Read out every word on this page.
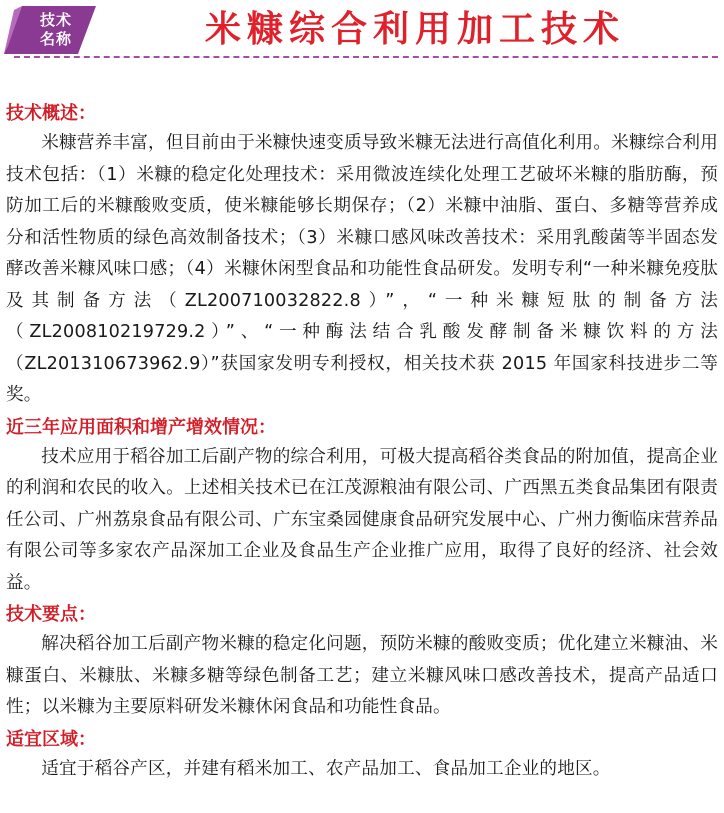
技术
名称	米糠综合利用加工技术
技术概述：
米糠营养丰富，但目前由于米糠快速变质导致米糠无法进行高值化利用。米糠综合利用技术包括：（1）米糠的稳定化处理技术：采用微波连续化处理工艺破坏米糠的脂肪酶，预防加工后的米糠酸败变质，使米糠能够长期保存；（2）米糠中油脂、蛋白、多糖等营养成分和活性物质的绿色高效制备技术；（3）米糠口感风味改善技术：采用乳酸菌等半固态发酵改善米糠风味口感；（4）米糠休闲型食品和功能性食品研发。发明专利“一种米糠免疫肽及其制备方法（ZL200710032822.8）”，“一种米糠短肽的制备方法（ZL200810219729.2）”、“一种酶法结合乳酸发酵制备米糠饮料的方法（ZL201310673962.9）”获国家发明专利授权，相关技术获 2015 年国家科技进步二等奖。
近三年应用面积和增产增效情况：
技术应用于稻谷加工后副产物的综合利用，可极大提高稻谷类食品的附加值，提高企业的利润和农民的收入。上述相关技术已在江茂源粮油有限公司、广西黑五类食品集团有限责任公司、广州荔泉食品有限公司、广东宝桑园健康食品研究发展中心、广州力衡临床营养品有限公司等多家农产品深加工企业及食品生产企业推广应用，取得了良好的经济、社会效益。
技术要点：
解决稻谷加工后副产物米糠的稳定化问题，预防米糠的酸败变质；优化建立米糠油、米糠蛋白、米糠肽、米糠多糖等绿色制备工艺；建立米糠风味口感改善技术，提高产品适口性；以米糠为主要原料研发米糠休闲食品和功能性食品。
适宜区域：
适宜于稻谷产区，并建有稻米加工、农产品加工、食品加工企业的地区。
